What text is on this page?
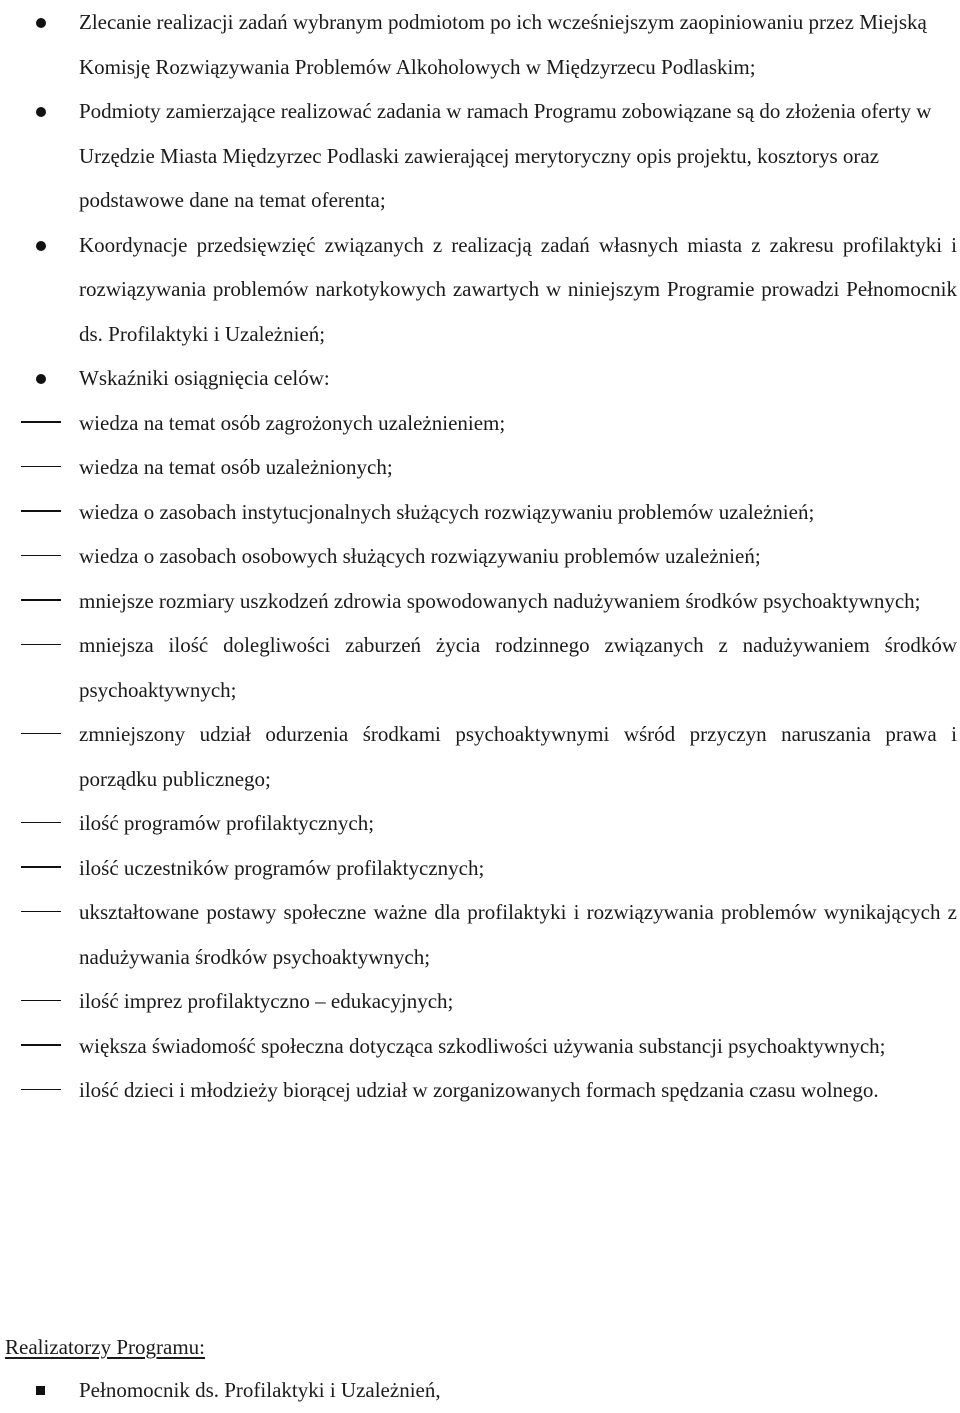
Zlecanie realizacji zadań wybranym podmiotom po ich wcześniejszym zaopiniowaniu przez Miejską Komisję Rozwiązywania Problemów Alkoholowych w Międzyrzecu Podlaskim;
Podmioty zamierzające realizować zadania w ramach Programu zobowiązane są do złożenia oferty w Urzędzie Miasta Międzyrzec Podlaski zawierającej merytoryczny opis projektu, kosztorys oraz podstawowe dane na temat oferenta;
Koordynacje przedsięwzięć związanych z realizacją zadań własnych miasta z zakresu profilaktyki i rozwiązywania problemów narkotykowych zawartych w niniejszym Programie prowadzi Pełnomocnik ds. Profilaktyki i Uzależnień;
Wskaźniki osiągnięcia celów:
wiedza na temat osób zagrożonych uzależnieniem;
wiedza na temat osób uzależnionych;
wiedza o zasobach instytucjonalnych służących rozwiązywaniu problemów uzależnień;
wiedza o zasobach osobowych służących rozwiązywaniu problemów uzależnień;
mniejsze rozmiary uszkodzeń zdrowia spowodowanych nadużywaniem środków psychoaktywnych;
mniejsza ilość dolegliwości zaburzeń życia rodzinnego związanych z nadużywaniem środków psychoaktywnych;
zmniejszony udział odurzenia środkami psychoaktywnymi wśród przyczyn naruszania prawa i porządku publicznego;
ilość programów profilaktycznych;
ilość uczestników programów profilaktycznych;
ukształtowane postawy społeczne ważne dla profilaktyki i rozwiązywania problemów wynikających z nadużywania środków psychoaktywnych;
ilość imprez profilaktyczno – edukacyjnych;
większa świadomość społeczna dotycząca szkodliwości używania substancji psychoaktywnych;
ilość dzieci i młodzieży biorącej udział w zorganizowanych formach spędzania czasu wolnego.
Realizatorzy Programu:
Pełnomocnik ds. Profilaktyki i Uzależnień,
